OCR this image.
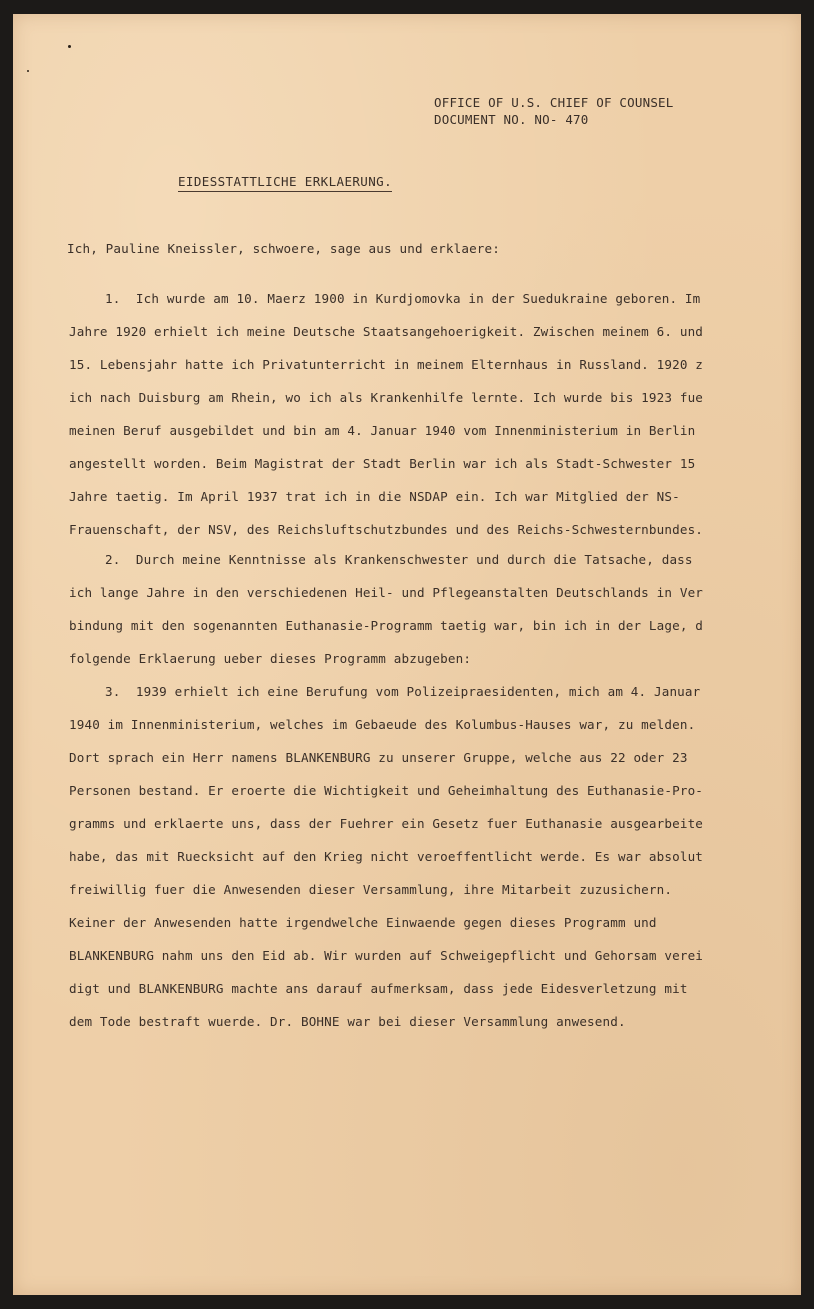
OFFICE OF U.S. CHIEF OF COUNSEL
DOCUMENT NO. NO- 470
EIDESSTATTLICHE ERKLAERUNG.
Ich, Pauline Kneissler, schwoere, sage aus und erklaere:
1.  Ich wurde am 10. Maerz 1900 in Kurdjomovka in der Suedukraine geboren. Im
Jahre 1920 erhielt ich meine Deutsche Staatsangehoerigkeit. Zwischen meinem 6. und
15. Lebensjahr hatte ich Privatunterricht in meinem Elternhaus in Russland. 1920 z
ich nach Duisburg am Rhein, wo ich als Krankenhilfe lernte. Ich wurde bis 1923 fue
meinen Beruf ausgebildet und bin am 4. Januar 1940 vom Innenministerium in Berlin
angestellt worden. Beim Magistrat der Stadt Berlin war ich als Stadt-Schwester 15
Jahre taetig. Im April 1937 trat ich in die NSDAP ein. Ich war Mitglied der NS-
Frauenschaft, der NSV, des Reichsluftschutzbundes und des Reichs-Schwesternbundes.
2.  Durch meine Kenntnisse als Krankenschwester und durch die Tatsache, dass
ich lange Jahre in den verschiedenen Heil- und Pflegeanstalten Deutschlands in Ver
bindung mit den sogenannten Euthanasie-Programm taetig war, bin ich in der Lage, d
folgende Erklaerung ueber dieses Programm abzugeben:
3.  1939 erhielt ich eine Berufung vom Polizeipraesidenten, mich am 4. Januar
1940 im Innenministerium, welches im Gebaeude des Kolumbus-Hauses war, zu melden.
Dort sprach ein Herr namens BLANKENBURG zu unserer Gruppe, welche aus 22 oder 23
Personen bestand. Er eroerte die Wichtigkeit und Geheimhaltung des Euthanasie-Pro-
gramms und erklaerte uns, dass der Fuehrer ein Gesetz fuer Euthanasie ausgearbeite
habe, das mit Ruecksicht auf den Krieg nicht veroeffentlicht werde. Es war absolut
freiwillig fuer die Anwesenden dieser Versammlung, ihre Mitarbeit zuzusichern.
Keiner der Anwesenden hatte irgendwelche Einwaende gegen dieses Programm und
BLANKENBURG nahm uns den Eid ab. Wir wurden auf Schweigepflicht und Gehorsam verei
digt und BLANKENBURG machte ans darauf aufmerksam, dass jede Eidesverletzung mit
dem Tode bestraft wuerde. Dr. BOHNE war bei dieser Versammlung anwesend.
